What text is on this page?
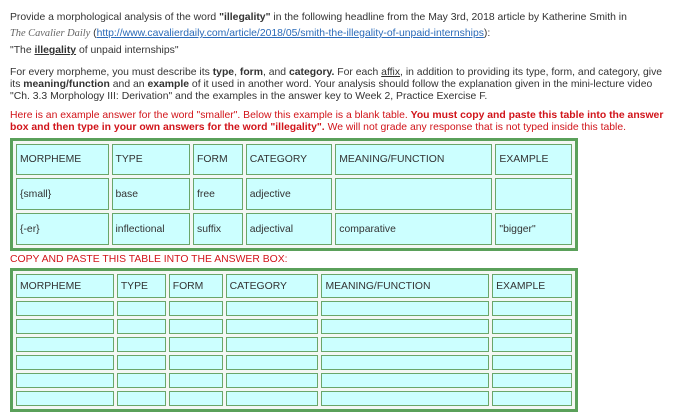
Provide a morphological analysis of the word "illegality" in the following headline from the May 3rd, 2018 article by Katherine Smith in
The Cavalier Daily (http://www.cavalierdaily.com/article/2018/05/smith-the-illegality-of-unpaid-internships):
"The illegality of unpaid internships"
For every morpheme, you must describe its type, form, and category. For each affix, in addition to providing its type, form, and category, give
its meaning/function and an example of it used in another word. Your analysis should follow the explanation given in the mini-lecture video
"Ch. 3.3 Morphology III: Derivation" and the examples in the answer key to Week 2, Practice Exercise F.
Here is an example answer for the word "smaller". Below this example is a blank table. You must copy and paste this table into the answer
box and then type in your own answers for the word "illegality". We will not grade any response that is not typed inside this table.
MORPHEME	TYPE	FORM	CATEGORY	MEANING/FUNCTION	EXAMPLE
{small}	base	free	adjective		
{-er}	inflectional	suffix	adjectival	comparative	"bigger"
COPY AND PASTE THIS TABLE INTO THE ANSWER BOX:
MORPHEME	TYPE	FORM	CATEGORY	MEANING/FUNCTION	EXAMPLE
